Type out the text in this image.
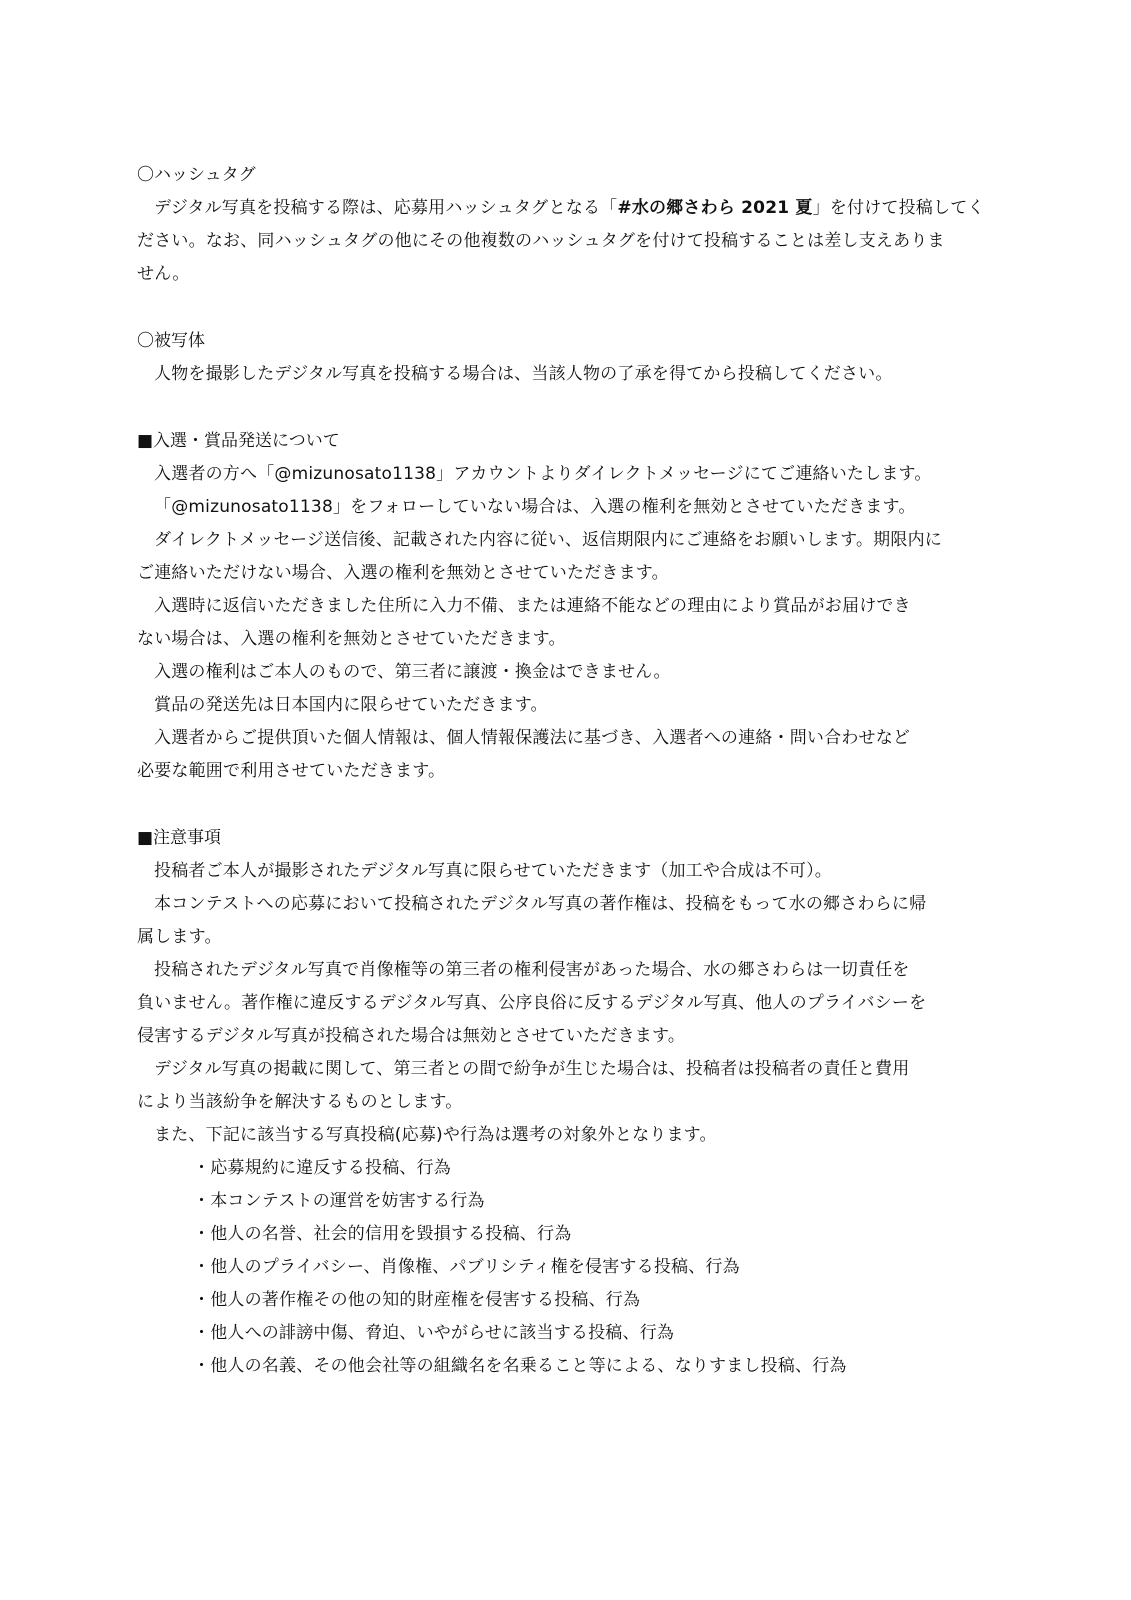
〇ハッシュタグ
デジタル写真を投稿する際は、応募用ハッシュタグとなる「#水の郷さわら 2021 夏」を付けて投稿してく
ださい。なお、同ハッシュタグの他にその他複数のハッシュタグを付けて投稿することは差し支えありま
せん。
〇被写体
人物を撮影したデジタル写真を投稿する場合は、当該人物の了承を得てから投稿してください。
■入選・賞品発送について
入選者の方へ「@mizunosato1138」アカウントよりダイレクトメッセージにてご連絡いたします。
「@mizunosato1138」をフォローしていない場合は、入選の権利を無効とさせていただきます。
ダイレクトメッセージ送信後、記載された内容に従い、返信期限内にご連絡をお願いします。期限内に
ご連絡いただけない場合、入選の権利を無効とさせていただきます。
入選時に返信いただきました住所に入力不備、または連絡不能などの理由により賞品がお届けでき
ない場合は、入選の権利を無効とさせていただきます。
入選の権利はご本人のもので、第三者に譲渡・換金はできません。
賞品の発送先は日本国内に限らせていただきます。
入選者からご提供頂いた個人情報は、個人情報保護法に基づき、入選者への連絡・問い合わせなど
必要な範囲で利用させていただきます。
■注意事項
投稿者ご本人が撮影されたデジタル写真に限らせていただきます（加工や合成は不可）。
本コンテストへの応募において投稿されたデジタル写真の著作権は、投稿をもって水の郷さわらに帰
属します。
投稿されたデジタル写真で肖像権等の第三者の権利侵害があった場合、水の郷さわらは一切責任を
負いません。著作権に違反するデジタル写真、公序良俗に反するデジタル写真、他人のプライバシーを
侵害するデジタル写真が投稿された場合は無効とさせていただきます。
デジタル写真の掲載に関して、第三者との間で紛争が生じた場合は、投稿者は投稿者の責任と費用
により当該紛争を解決するものとします。
また、下記に該当する写真投稿(応募)や行為は選考の対象外となります。
・応募規約に違反する投稿、行為
・本コンテストの運営を妨害する行為
・他人の名誉、社会的信用を毀損する投稿、行為
・他人のプライバシー、肖像権、パブリシティ権を侵害する投稿、行為
・他人の著作権その他の知的財産権を侵害する投稿、行為
・他人への誹謗中傷、脅迫、いやがらせに該当する投稿、行為
・他人の名義、その他会社等の組織名を名乗ること等による、なりすまし投稿、行為
